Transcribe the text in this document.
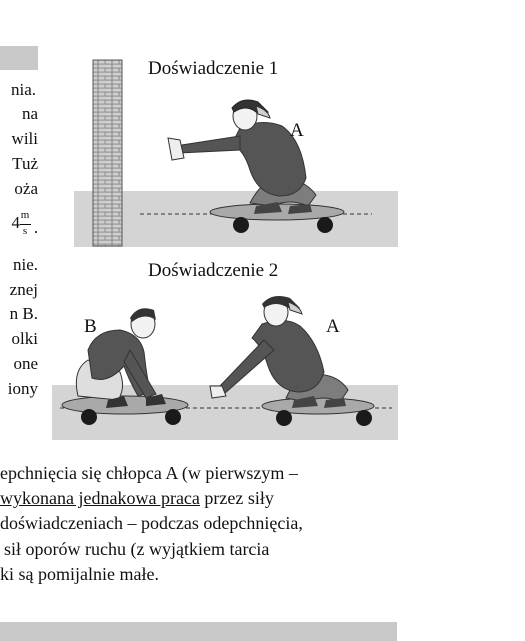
nia.
na
wili
Tuż
oża
4 m
s .
nie.
znej
n B.
olki
one
iony
Doświadczenie 1
A
Doświadczenie 2
B	A
epchnięcia się chłopca A (w pierwszym –
wykonana jednakowa praca przez siły
doświadczeniach – podczas odepchnięcia,
sił oporów ruchu (z wyjątkiem tarcia
ki są pomijalnie małe.
